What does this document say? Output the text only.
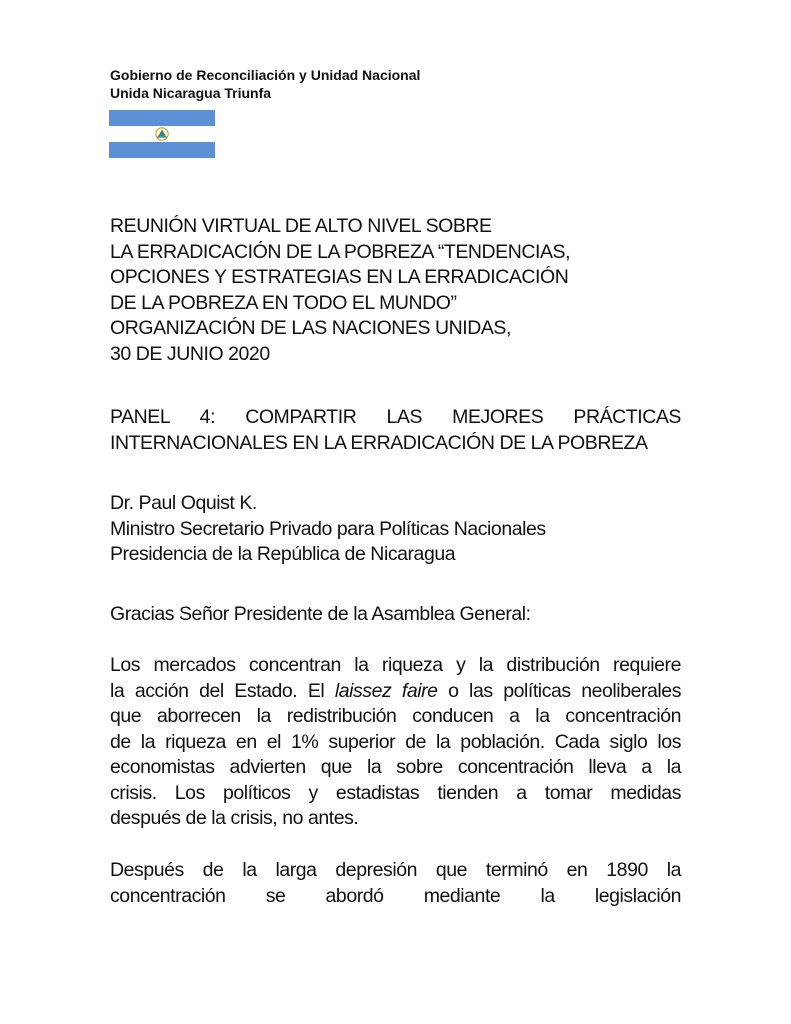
Gobierno de Reconciliación y Unidad Nacional
Unida Nicaragua Triunfa
REUNIÓN VIRTUAL DE ALTO NIVEL SOBRE
LA ERRADICACIÓN DE LA POBREZA “TENDENCIAS,
OPCIONES Y ESTRATEGIAS EN LA ERRADICACIÓN
DE LA POBREZA EN TODO EL MUNDO”
ORGANIZACIÓN DE LAS NACIONES UNIDAS,
30 DE JUNIO 2020
PANEL 4: COMPARTIR LAS MEJORES PRÁCTICAS
INTERNACIONALES EN LA ERRADICACIÓN DE LA POBREZA
Dr. Paul Oquist K.
Ministro Secretario Privado para Políticas Nacionales
Presidencia de la República de Nicaragua
Gracias Señor Presidente de la Asamblea General:
Los mercados concentran la riqueza y la distribución requiere
la acción del Estado. El laissez faire o las políticas neoliberales
que aborrecen la redistribución conducen a la concentración
de la riqueza en el 1% superior de la población. Cada siglo los
economistas advierten que la sobre concentración lleva a la
crisis. Los políticos y estadistas tienden a tomar medidas
después de la crisis, no antes.
Después de la larga depresión que terminó en 1890 la
concentración se abordó mediante la legislación
